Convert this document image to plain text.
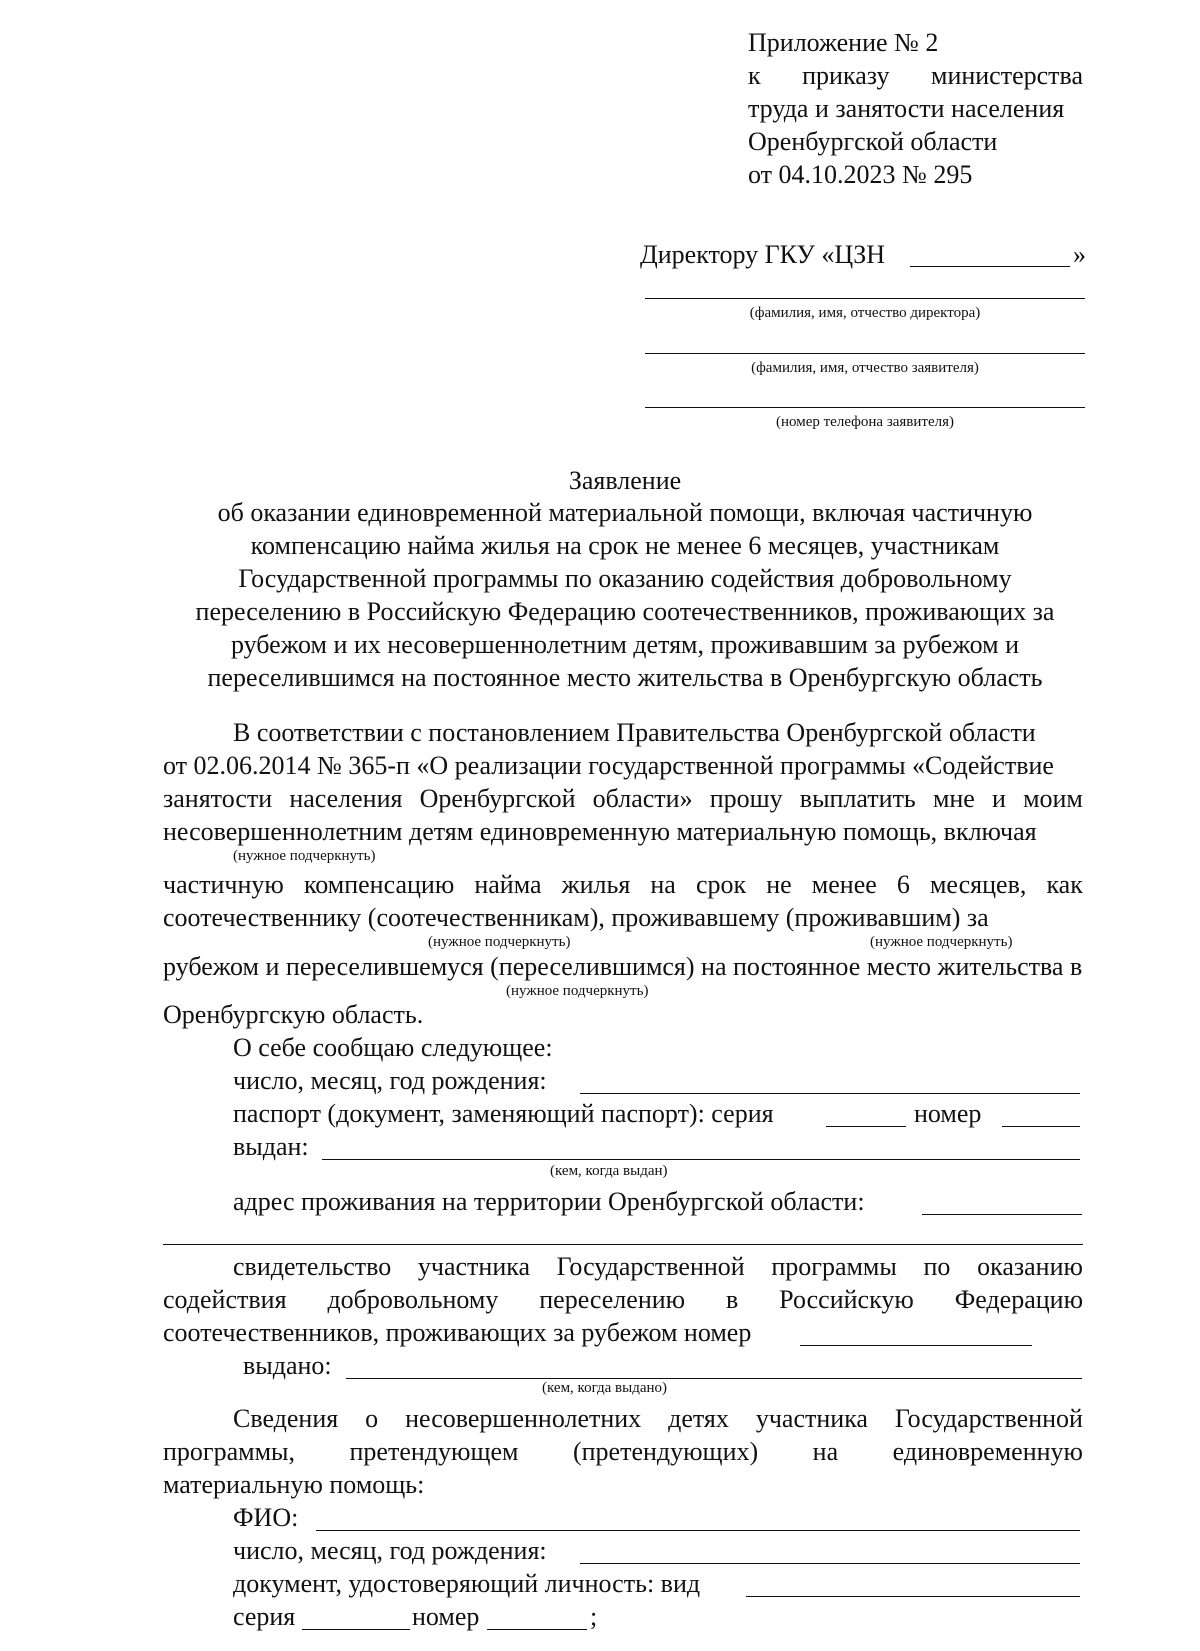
Приложение № 2
к приказу министерства
труда и занятости населения
Оренбургской области
от 04.10.2023 № 295
Директору ГКУ «ЦЗН	»
(фамилия, имя, отчество директора)
(фамилия, имя, отчество заявителя)
(номер телефона заявителя)
Заявление
об оказании единовременной материальной помощи, включая частичную
компенсацию найма жилья на срок не менее 6 месяцев, участникам
Государственной программы по оказанию содействия добровольному
переселению в Российскую Федерацию соотечественников, проживающих за
рубежом и их несовершеннолетним детям, проживавшим за рубежом и
переселившимся на постоянное место жительства в Оренбургскую область
В соответствии с постановлением Правительства Оренбургской области
от 02.06.2014 № 365-п «О реализации государственной программы «Содействие
занятости населения Оренбургской области» прошу выплатить мне и моим
несовершеннолетним детям единовременную материальную помощь, включая
(нужное подчеркнуть)
частичную компенсацию найма жилья на срок не менее 6 месяцев, как
соотечественнику (соотечественникам), проживавшему (проживавшим) за
(нужное подчеркнуть)	(нужное подчеркнуть)
рубежом и переселившемуся (переселившимся) на постоянное место жительства в
(нужное подчеркнуть)
Оренбургскую область.
О себе сообщаю следующее:
число, месяц, год рождения:
паспорт (документ, заменяющий паспорт): серия	номер
выдан:
(кем, когда выдан)
адрес проживания на территории Оренбургской области:
свидетельство участника Государственной программы по оказанию
содействия добровольному переселению в Российскую Федерацию
соотечественников, проживающих за рубежом номер
выдано:
(кем, когда выдано)
Сведения о несовершеннолетних детях участника Государственной
программы, претендующем (претендующих) на единовременную
материальную помощь:
ФИО:
число, месяц, год рождения:
документ, удостоверяющий личность: вид
серия	номер	;
